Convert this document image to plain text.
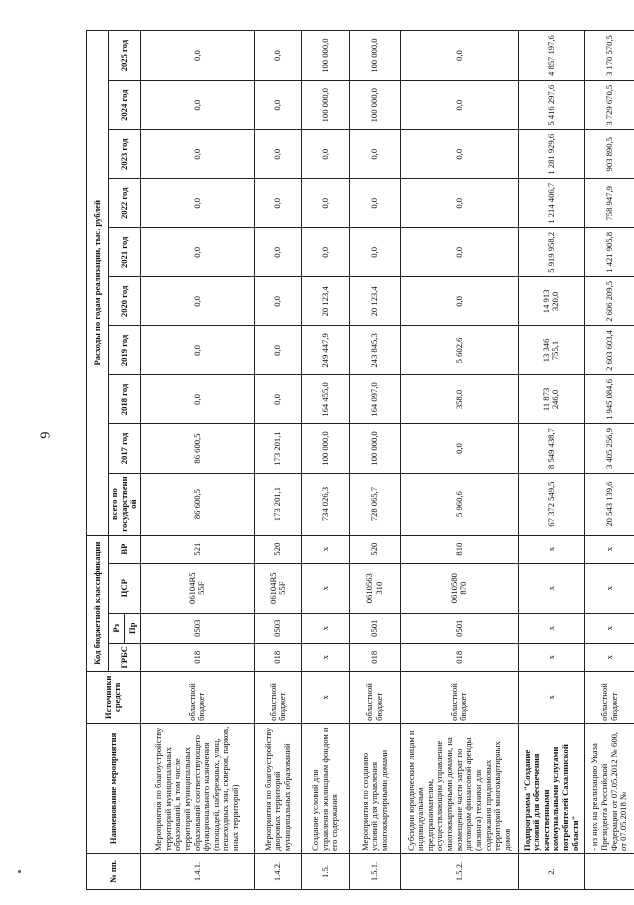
6
№ пп.	Наименование мероприятия	Источники средств	Код бюджетной классификации				Расходы по годам реализации, тыс. рублей									
			ГРБС	Рз	ЦСР	ВР	всего по государственной	2017 год	2018 год	2019 год	2020 год	2021 год	2022 год	2023 год	2024 год	2025 год
				Пр												
1.4.1.	Мероприятия по благоустройству территорий муниципальных образований, в том числе территорий муниципальных образований соответствующего функционального назначения (площадей, набережных, улиц, пешеходных зон, скверов, парков, иных территорий)	областной бюджет	018	0503	06104R5 55F	521	86 600,5	86 600,5	0,0	0,0	0,0	0,0	0,0	0,0	0,0	0,0
1.4.2.	Мероприятия по благоустройству дворовых территорий муниципальных образований	областной бюджет	018	0503	06104R5 55F	520	173 201,1	173 201,1	0,0	0,0	0,0	0,0	0,0	0,0	0,0	0,0
1.5.	Создание условий для управления жилищным фондом и его содержания	х	х	х	х	х	734 026,3	100 000,0	164 455,0	249 447,9	20 123,4	0,0	0,0	0,0	100 000,0	100 000,0
1.5.1.	Мероприятия по созданию условий для управления многоквартирными домами	областной бюджет	018	0501	0610563 310	520	728 065,7	100 000,0	164 097,0	243 845,3	20 123,4	0,0	0,0	0,0	100 000,0	100 000,0
1.5.2.	Субсидии юридическим лицам и индивидуальным предпринимателям, осуществляющим управление многоквартирными домами, на возмещение части затрат по договорам финансовой аренды (лизинга) техники для содержания придомовых территорий многоквартирных домов	областной бюджет	018	0501	0610580 870	810	5 960,6	0,0	358,0	5 602,6	0,0	0,0	0,0	0,0	0,0	0,0
2.	Подпрограмма "Создание условий для обеспечения качественными коммунальными услугами потребителей Сахалинской области"	х	х	х	х	х	67 372 549,5	8 549 438,7	11 873 246,0	13 346 755,1	14 913 320,0	5 919 958,2	1 214 406,7	1 281 929,6	5 416 297,6	4 857 197,6
	- из них на реализацию Указа Президента Российской Федерации от 07.05.2012 № 600, от 07.05.2018 №	областной бюджет	х	х	х	х	20 543 139,6	3 405 256,9	1 945 084,6	2 603 603,4	2 606 209,5	1 421 905,8	758 947,9	903 890,5	3 729 670,5	3 170 570,5
